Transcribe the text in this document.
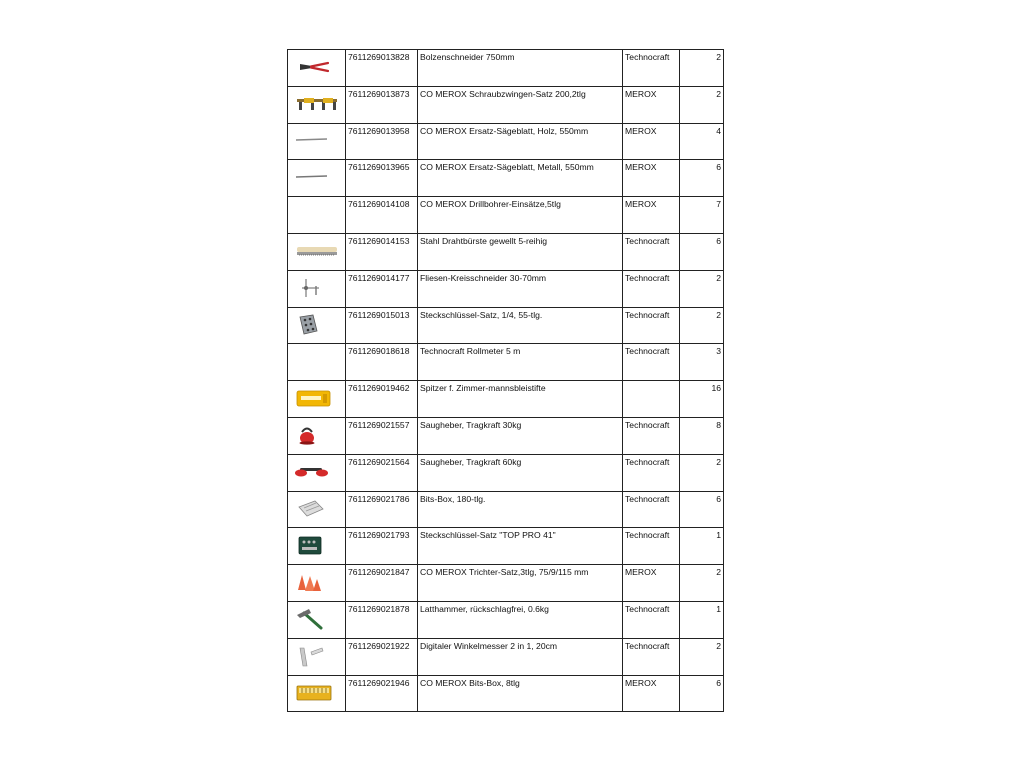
7611269013828	Bolzenschneider 750mm	Technocraft	2

7611269013873	CO MEROX Schraubzwingen-Satz 200,2tlg	MEROX	2

7611269013958	CO MEROX Ersatz-Sägeblatt, Holz, 550mm	MEROX	4

7611269013965	CO MEROX Ersatz-Sägeblatt, Metall, 550mm	MEROX	6

	7611269014108	CO MEROX Drillbohrer-Einsätze,5tlg	MEROX	7

7611269014153	Stahl Drahtbürste gewellt 5-reihig	Technocraft	6

7611269014177	Fliesen-Kreisschneider 30-70mm	Technocraft	2

7611269015013	Steckschlüssel-Satz, 1/4, 55-tlg.	Technocraft	2

	7611269018618	Technocraft Rollmeter 5 m	Technocraft	3

7611269019462	Spitzer f. Zimmer-mannsbleistifte		16

7611269021557	Saugheber, Tragkraft 30kg	Technocraft	8

7611269021564	Saugheber, Tragkraft 60kg	Technocraft	2

7611269021786	Bits-Box, 180-tlg.	Technocraft	6

7611269021793	Steckschlüssel-Satz "TOP PRO 41"	Technocraft	1

7611269021847	CO MEROX Trichter-Satz,3tlg, 75/9/115 mm	MEROX	2

7611269021878	Latthammer, rückschlagfrei, 0.6kg	Technocraft	1

7611269021922	Digitaler Winkelmesser 2 in 1, 20cm	Technocraft	2

7611269021946	CO MEROX Bits-Box, 8tlg	MEROX	6
